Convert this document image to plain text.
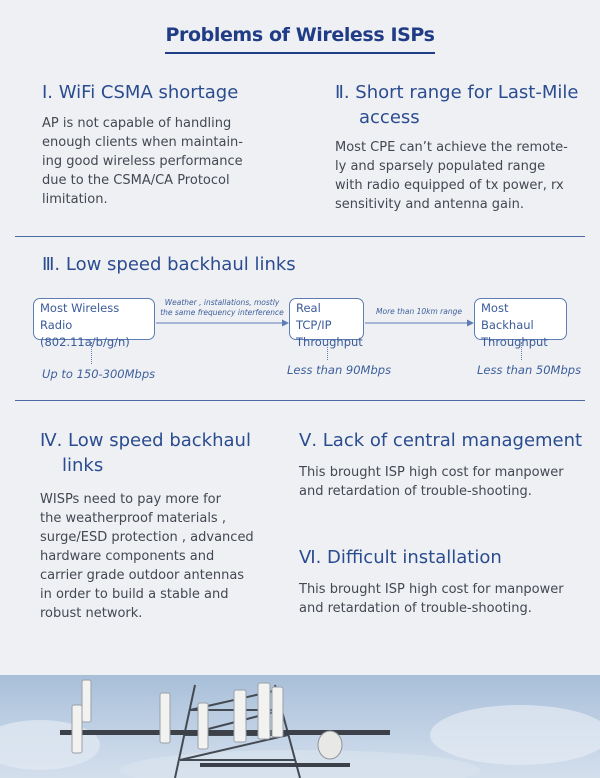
Problems of Wireless ISPs
Ⅰ. WiFi CSMA shortage
AP is not capable of handling
enough clients when maintain-
ing good wireless performance
due to the CSMA/CA Protocol
limitation.
Ⅱ. Short range for Last-Mile
access
Most CPE can’t achieve the remote-
ly and sparsely populated range
with radio equipped of tx power, rx
sensitivity and antenna gain.
Ⅲ. Low speed backhaul links
Most Wireless Radio
(802.11a/b/g/n)
Real TCP/IP
Throughput
Most Backhaul
Throughput
Weather , installations, mostly
the same frequency interference	More than 10km range
Up to 150-300Mbps	Less than 90Mbps	Less than 50Mbps
Ⅳ. Low speed backhaul
links
WISPs need to pay more for
the weatherproof materials ,
surge/ESD protection , advanced
hardware components and
carrier grade outdoor antennas
in order to build a stable and
robust network.
Ⅴ. Lack of central management
This brought ISP high cost for manpower
and retardation of trouble-shooting.
Ⅵ. Difficult installation
This brought ISP high cost for manpower
and retardation of trouble-shooting.
